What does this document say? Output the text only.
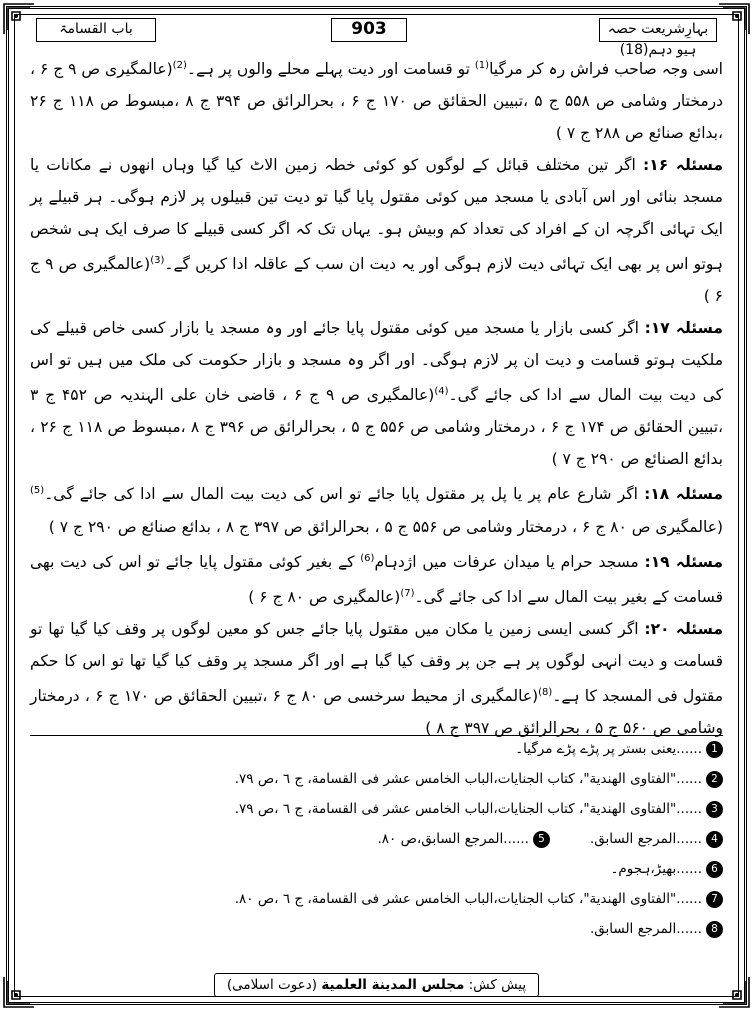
بہارِشریعت حصہ ہیو دہم(18)
903
باب القسامۃ

اسی وجہ صاحب فراش رہ کر مرگیا$^{(1)}$ تو قسامت اور دیت پہلے محلے والوں پر ہے۔$^{(2)}$(عالمگیری ص ۹ ج ۶ ، درمختار وشامی ص ۵۵۸ ج ۵ ،تبیین الحقائق ص ۱۷۰ ج ۶ ، بحرالرائق ص ۳۹۴ ج ۸ ،مبسوط ص ۱۱۸ ج ۲۶ ،بدائع صنائع ص ۲۸۸ ج ۷ )

مسئلہ ۱۶: اگر تین مختلف قبائل کے لوگوں کو کوئی خطہ زمین الاٹ کیا گیا وہاں انھوں نے مکانات یا مسجد بنائی اور اس آبادی یا مسجد میں کوئی مقتول پایا گیا تو دیت تین قبیلوں پر لازم ہوگی۔ ہر قبیلے پر ایک تہائی اگرچہ ان کے افراد کی تعداد کم وبیش ہو۔ یہاں تک کہ اگر کسی قبیلے کا صرف ایک ہی شخص ہوتو اس پر بھی ایک تہائی دیت لازم ہوگی اور یہ دیت ان سب کے عاقلہ ادا کریں گے۔$^{(3)}$(عالمگیری ص ۹ ج ۶ )

مسئلہ ۱۷: اگر کسی بازار یا مسجد میں کوئی مقتول پایا جائے اور وہ مسجد یا بازار کسی خاص قبیلے کی ملکیت ہوتو قسامت و دیت ان پر لازم ہوگی۔ اور اگر وہ مسجد و بازار حکومت کی ملک میں ہیں تو اس کی دیت بیت المال سے ادا کی جائے گی۔$^{(4)}$(عالمگیری ص ۹ ج ۶ ، قاضی خان علی الہندیہ ص ۴۵۲ ج ۳ ،تبیین الحقائق ص ۱۷۴ ج ۶ ، درمختار وشامی ص ۵۵۶ ج ۵ ، بحرالرائق ص ۳۹۶ ج ۸ ،مبسوط ص ۱۱۸ ج ۲۶ ، بدائع الصنائع ص ۲۹۰ ج ۷ )

مسئلہ ۱۸: اگر شارع عام پر یا پل پر مقتول پایا جائے تو اس کی دیت بیت المال سے ادا کی جائے گی۔$^{(5)}$(عالمگیری ص ۸۰ ج ۶ ، درمختار وشامی ص ۵۵۶ ج ۵ ، بحرالرائق ص ۳۹۷ ج ۸ ، بدائع صنائع ص ۲۹۰ ج ۷ )

مسئلہ ۱۹: مسجد حرام یا میدان عرفات میں اژدہام$^{(6)}$ کے بغیر کوئی مقتول پایا جائے تو اس کی دیت بھی قسامت کے بغیر بیت المال سے ادا کی جائے گی۔$^{(7)}$(عالمگیری ص ۸۰ ج ۶ )

مسئلہ ۲۰: اگر کسی ایسی زمین یا مکان میں مقتول پایا جائے جس کو معین لوگوں پر وقف کیا گیا تھا تو قسامت و دیت انہی لوگوں پر ہے جن پر وقف کیا گیا ہے اور اگر مسجد پر وقف کیا گیا تھا تو اس کا حکم مقتول فی المسجد کا ہے۔$^{(8)}$(عالمگیری از محیط سرخسی ص ۸۰ ج ۶ ،تبیین الحقائق ص ۱۷۰ ج ۶ ، درمختار وشامی ص ۵۶۰ ج ۵ ، بحرالرائق ص ۳۹۷ ج ۸ )

1
......یعنی بستر پر پڑے پڑے مرگیا۔
2
......"الفتاوی الهندية"، کتاب الجنايات،الباب الخامس عشر فی القسامة، ج ٦ ،ص ٧٩.
3
......"الفتاوی الهندية"، کتاب الجنايات،الباب الخامس عشر فی القسامة، ج ٦ ،ص ٧٩.
4
......المرجع السابق.
5
......المرجع السابق،ص ٨٠.
6
......بھیڑ،ہجوم۔
7
......"الفتاوی الهندية"، کتاب الجنايات،الباب الخامس عشر فی القسامة، ج ٦ ،ص ٨٠.
8
......المرجع السابق.
پیش کش: مجلس المدينة العلمية (دعوت اسلامی)
